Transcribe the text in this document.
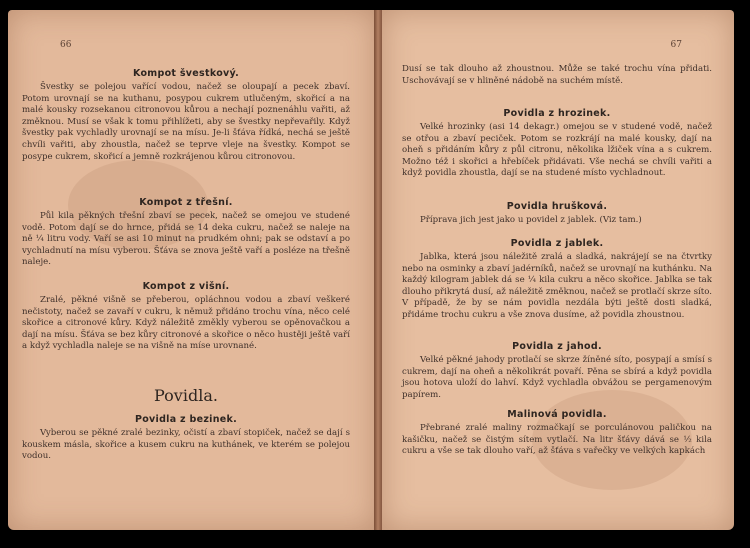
66
Kompot švestkový.

Švestky se polejou vařící vodou, načež se oloupají a pecek zbaví. Potom urovnají se na kuthanu, posypou cukrem utlučeným, skořicí a na malé kousky rozsekanou citronovou kůrou a nechají poznenáhlu vařiti, až změknou. Musí se však k tomu přihlížeti, aby se švestky nepřevařily. Když švestky pak vychladly urovnají se na mísu. Je-li šťáva řídká, nechá se ještě chvíli vařiti, aby zhoustla, načež se teprve vleje na švestky. Kompot se posype cukrem, skořicí a jemně rozkrájenou kůrou citronovou.

Kompot z třešní.

Půl kila pěkných třešní zbaví se pecek, načež se omejou ve studené vodě. Potom dají se do hrnce, přidá se 14 deka cukru, načež se naleje na ně ¼ litru vody. Vaří se asi 10 minut na prudkém ohni; pak se odstaví a po vychladnutí na mísu vyberou. Šťáva se znova ještě vaří a posléze na třešně naleje.

Kompot z višní.

Zralé, pěkné višně se přeberou, opláchnou vodou a zbaví veškeré nečistoty, načež se zavaří v cukru, k němuž přidáno trochu vína, něco celé skořice a citronové kůry. Když náležitě změkly vyberou se opěnovačkou a dají na mísu. Šťáva se bez kůry citronové a skořice o něco hustěji ještě vaří a když vychladla naleje se na višně na míse urovnané.

Povidla.
Povidla z bezinek.

Vyberou se pěkné zralé bezinky, očistí a zbaví stopiček, načež se dají s kouskem másla, skořice a kusem cukru na kuthánek, ve kterém se polejou vodou.

67

Dusí se tak dlouho až zhoustnou. Může se také trochu vína přidati. Uschovávají se v hliněné nádobě na suchém místě.

Povidla z hrozinek.

Velké hrozinky (asi 14 dekagr.) omejou se v studené vodě, načež se otřou a zbaví peciček. Potom se rozkrájí na malé kousky, dají na oheň s přidáním kůry z půl citronu, několika lžiček vína a s cukrem. Možno též i skořici a hřebíček přidávati. Vše nechá se chvíli vařiti a když povidla zhoustla, dají se na studené místo vychladnout.

Povidla hrušková.

Příprava jich jest jako u povidel z jablek. (Viz tam.)

Povidla z jablek.

Jablka, která jsou náležitě zralá a sladká, nakrájejí se na čtvrtky nebo na osminky a zbaví jadérníků, načež se urovnají na kuthánku. Na každý kilogram jablek dá se ¼ kila cukru a něco skořice. Jablka se tak dlouho přikrytá dusí, až náležitě změknou, načež se protlačí skrze síto. V případě, že by se nám povidla nezdála býti ještě dosti sladká, přidáme trochu cukru a vše znova dusíme, až povidla zhoustnou.

Povidla z jahod.

Velké pěkné jahody protlačí se skrze žíněné síto, posypají a smísí s cukrem, dají na oheň a několikrát povaří. Pěna se sbírá a když povidla jsou hotova uloží do lahví. Když vychladla obvážou se pergamenovým papírem.

Malinová povidla.

Přebrané zralé maliny rozmačkají se porculánovou paličkou na kašičku, načež se čistým sítem vytlačí. Na litr šťávy dává se ½ kila cukru a vše se tak dlouho vaří, až šťáva s vařečky ve velkých kapkách
